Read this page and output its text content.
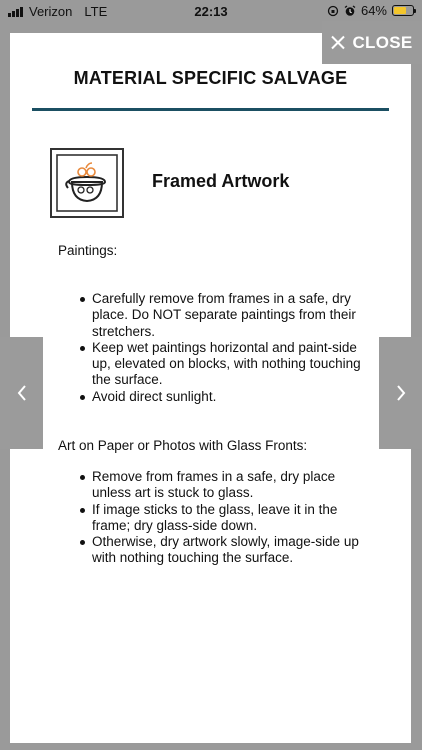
Verizon LTE	22:13	64%
MATERIAL SPECIFIC SALVAGE
Framed Artwork
Paintings:
Carefully remove from frames in a safe, dry place. Do NOT separate paintings from their stretchers.
Keep wet paintings horizontal and paint-side up, elevated on blocks, with nothing touching the surface.
Avoid direct sunlight.
Art on Paper or Photos with Glass Fronts:
Remove from frames in a safe, dry place unless art is stuck to glass.
If image sticks to the glass, leave it in the frame; dry glass-side down.
Otherwise, dry artwork slowly, image-side up with nothing touching the surface.
CLOSE
